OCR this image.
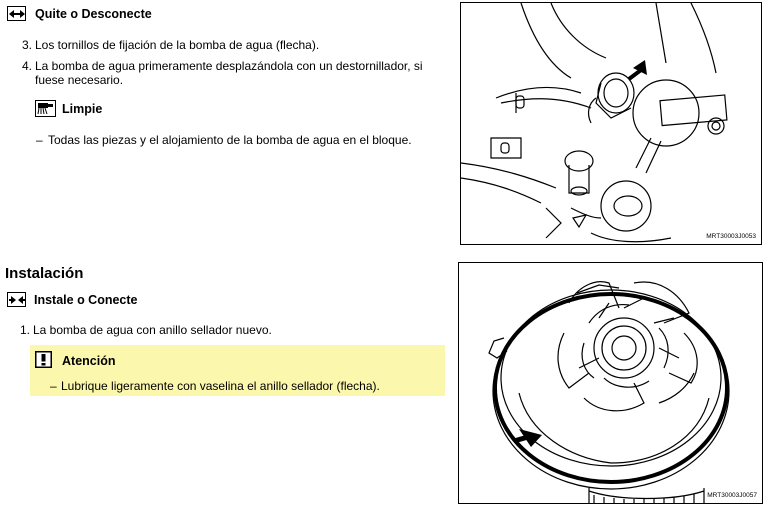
Quite o Desconecte
3. Los tornillos de fijación de la bomba de agua (flecha).
4. La bomba de agua primeramente desplazándola con un destornillador, si
fuese necesario.
Limpie
– Todas las piezas y el alojamiento de la bomba de agua en el bloque.
MRT30003J0053
Instalación
Instale o Conecte
1. La bomba de agua con anillo sellador nuevo.
Atención
– Lubrique ligeramente con vaselina el anillo sellador (flecha).
MRT30003J0057
